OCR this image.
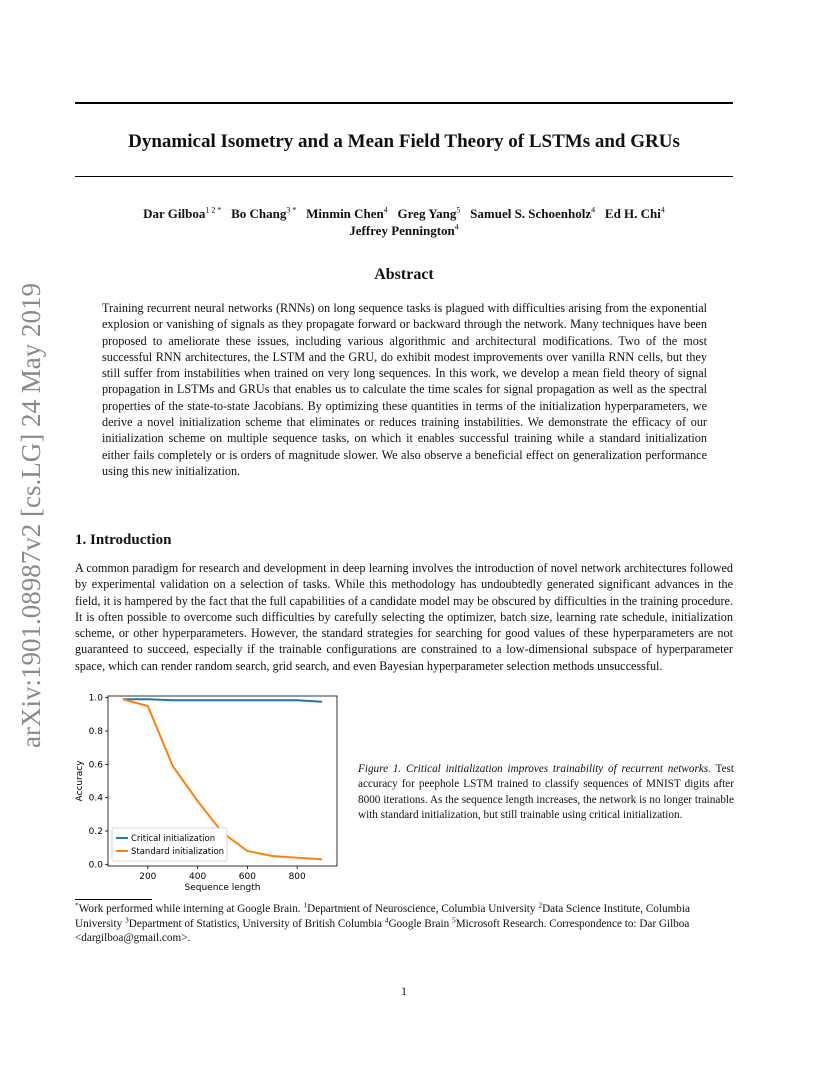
arXiv:1901.08987v2 [cs.LG] 24 May 2019
Dynamical Isometry and a Mean Field Theory of LSTMs and GRUs
Dar Gilboa$^{1 2 *}$ Bo Chang$^{3 *}$ Minmin Chen$^4$ Greg Yang$^5$ Samuel S. Schoenholz$^4$ Ed H. Chi$^4$
Jeffrey Pennington$^4$
Abstract
Training recurrent neural networks (RNNs) on long sequence tasks is plagued with difficulties arising from the exponential explosion or vanishing of signals as they propagate forward or backward through the network. Many techniques have been proposed to ameliorate these issues, including various algorithmic and architectural modifications. Two of the most successful RNN architectures, the LSTM and the GRU, do exhibit modest improvements over vanilla RNN cells, but they still suffer from instabilities when trained on very long sequences. In this work, we develop a mean field theory of signal propagation in LSTMs and GRUs that enables us to calculate the time scales for signal propagation as well as the spectral properties of the state-to-state Jacobians. By optimizing these quantities in terms of the initialization hyperparameters, we derive a novel initialization scheme that eliminates or reduces training instabilities. We demonstrate the efficacy of our initialization scheme on multiple sequence tasks, on which it enables successful training while a standard initialization either fails completely or is orders of magnitude slower. We also observe a beneficial effect on generalization performance using this new initialization.
1. Introduction
A common paradigm for research and development in deep learning involves the introduction of novel network architectures followed by experimental validation on a selection of tasks. While this methodology has undoubtedly generated significant advances in the field, it is hampered by the fact that the full capabilities of a candidate model may be obscured by difficulties in the training procedure. It is often possible to overcome such difficulties by carefully selecting the optimizer, batch size, learning rate schedule, initialization scheme, or other hyperparameters. However, the standard strategies for searching for good values of these hyperparameters are not guaranteed to succeed, especially if the trainable configurations are constrained to a low-dimensional subspace of hyperparameter space, which can render random search, grid search, and even Bayesian hyperparameter selection methods unsuccessful.
0.0
0.2
0.4
0.6
0.8
1.0
200	400	600	800
Sequence length
Accuracy
Critical initialization
Standard initialization
Figure 1. Critical initialization improves trainability of recurrent networks. Test accuracy for peephole LSTM trained to classify sequences of MNIST digits after 8000 iterations. As the sequence length increases, the network is no longer trainable with standard initialization, but still trainable using critical initialization.
*Work performed while interning at Google Brain. $^1$Department of Neuroscience, Columbia University $^2$Data Science Institute, Columbia University $^3$Department of Statistics, University of British Columbia $^4$Google Brain $^5$Microsoft Research. Correspondence to: Dar Gilboa <dargilboa@gmail.com>.
1
